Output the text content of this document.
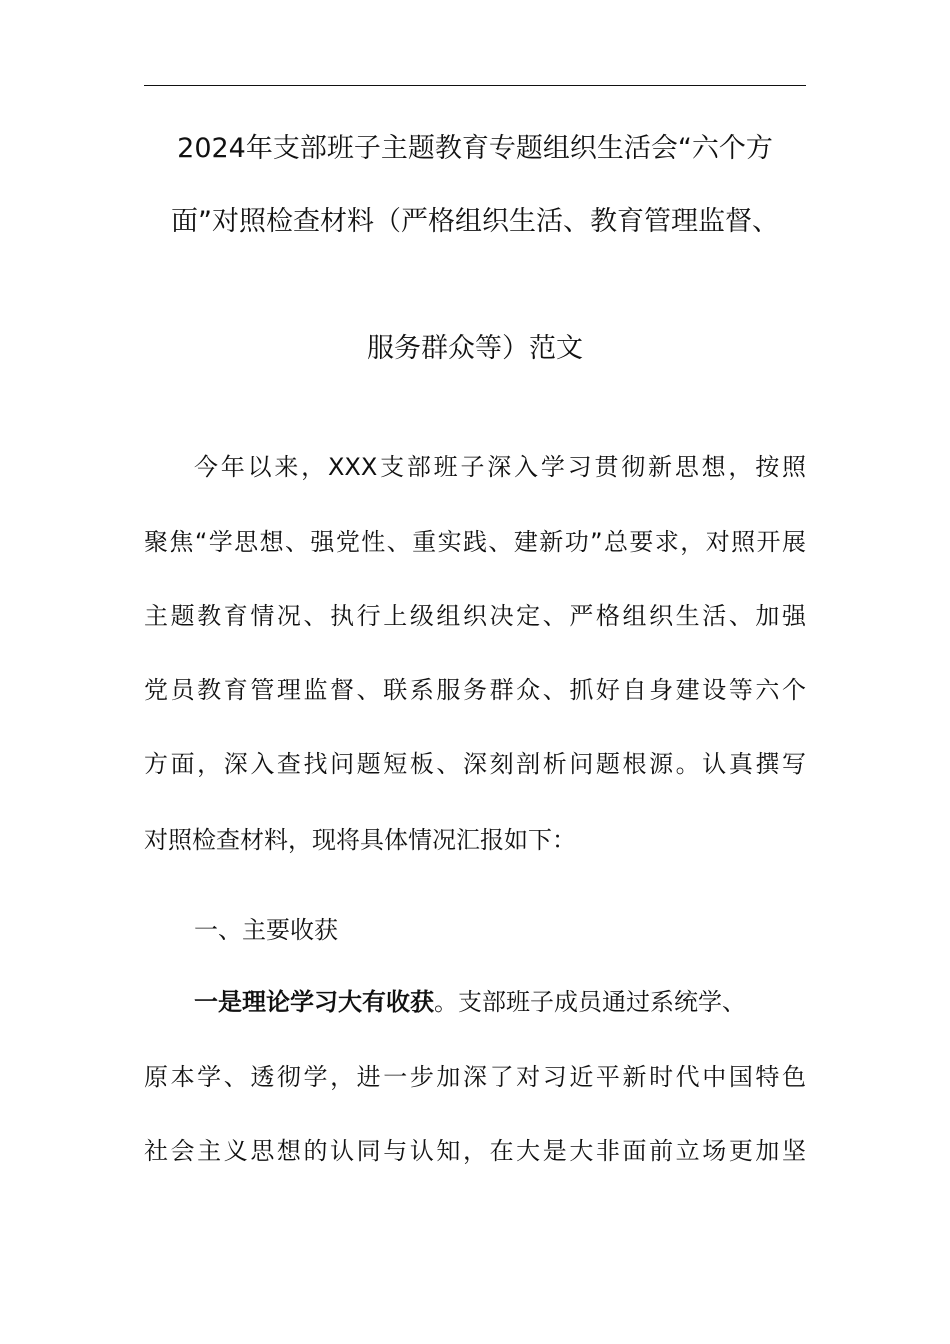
2024年支部班子主题教育专题组织生活会“六个方
面”对照检查材料（严格组织生活、教育管理监督、
服务群众等）范文
今年以来，XXX支部班子深入学习贯彻新思想，按照
聚焦“学思想、强党性、重实践、建新功”总要求，对照开展
主题教育情况、执行上级组织决定、严格组织生活、加强
党员教育管理监督、联系服务群众、抓好自身建设等六个
方面，深入查找问题短板、深刻剖析问题根源。认真撰写
对照检查材料，现将具体情况汇报如下：
一、主要收获
一是理论学习大有收获。支部班子成员通过系统学、
原本学、透彻学，进一步加深了对习近平新时代中国特色
社会主义思想的认同与认知，在大是大非面前立场更加坚
